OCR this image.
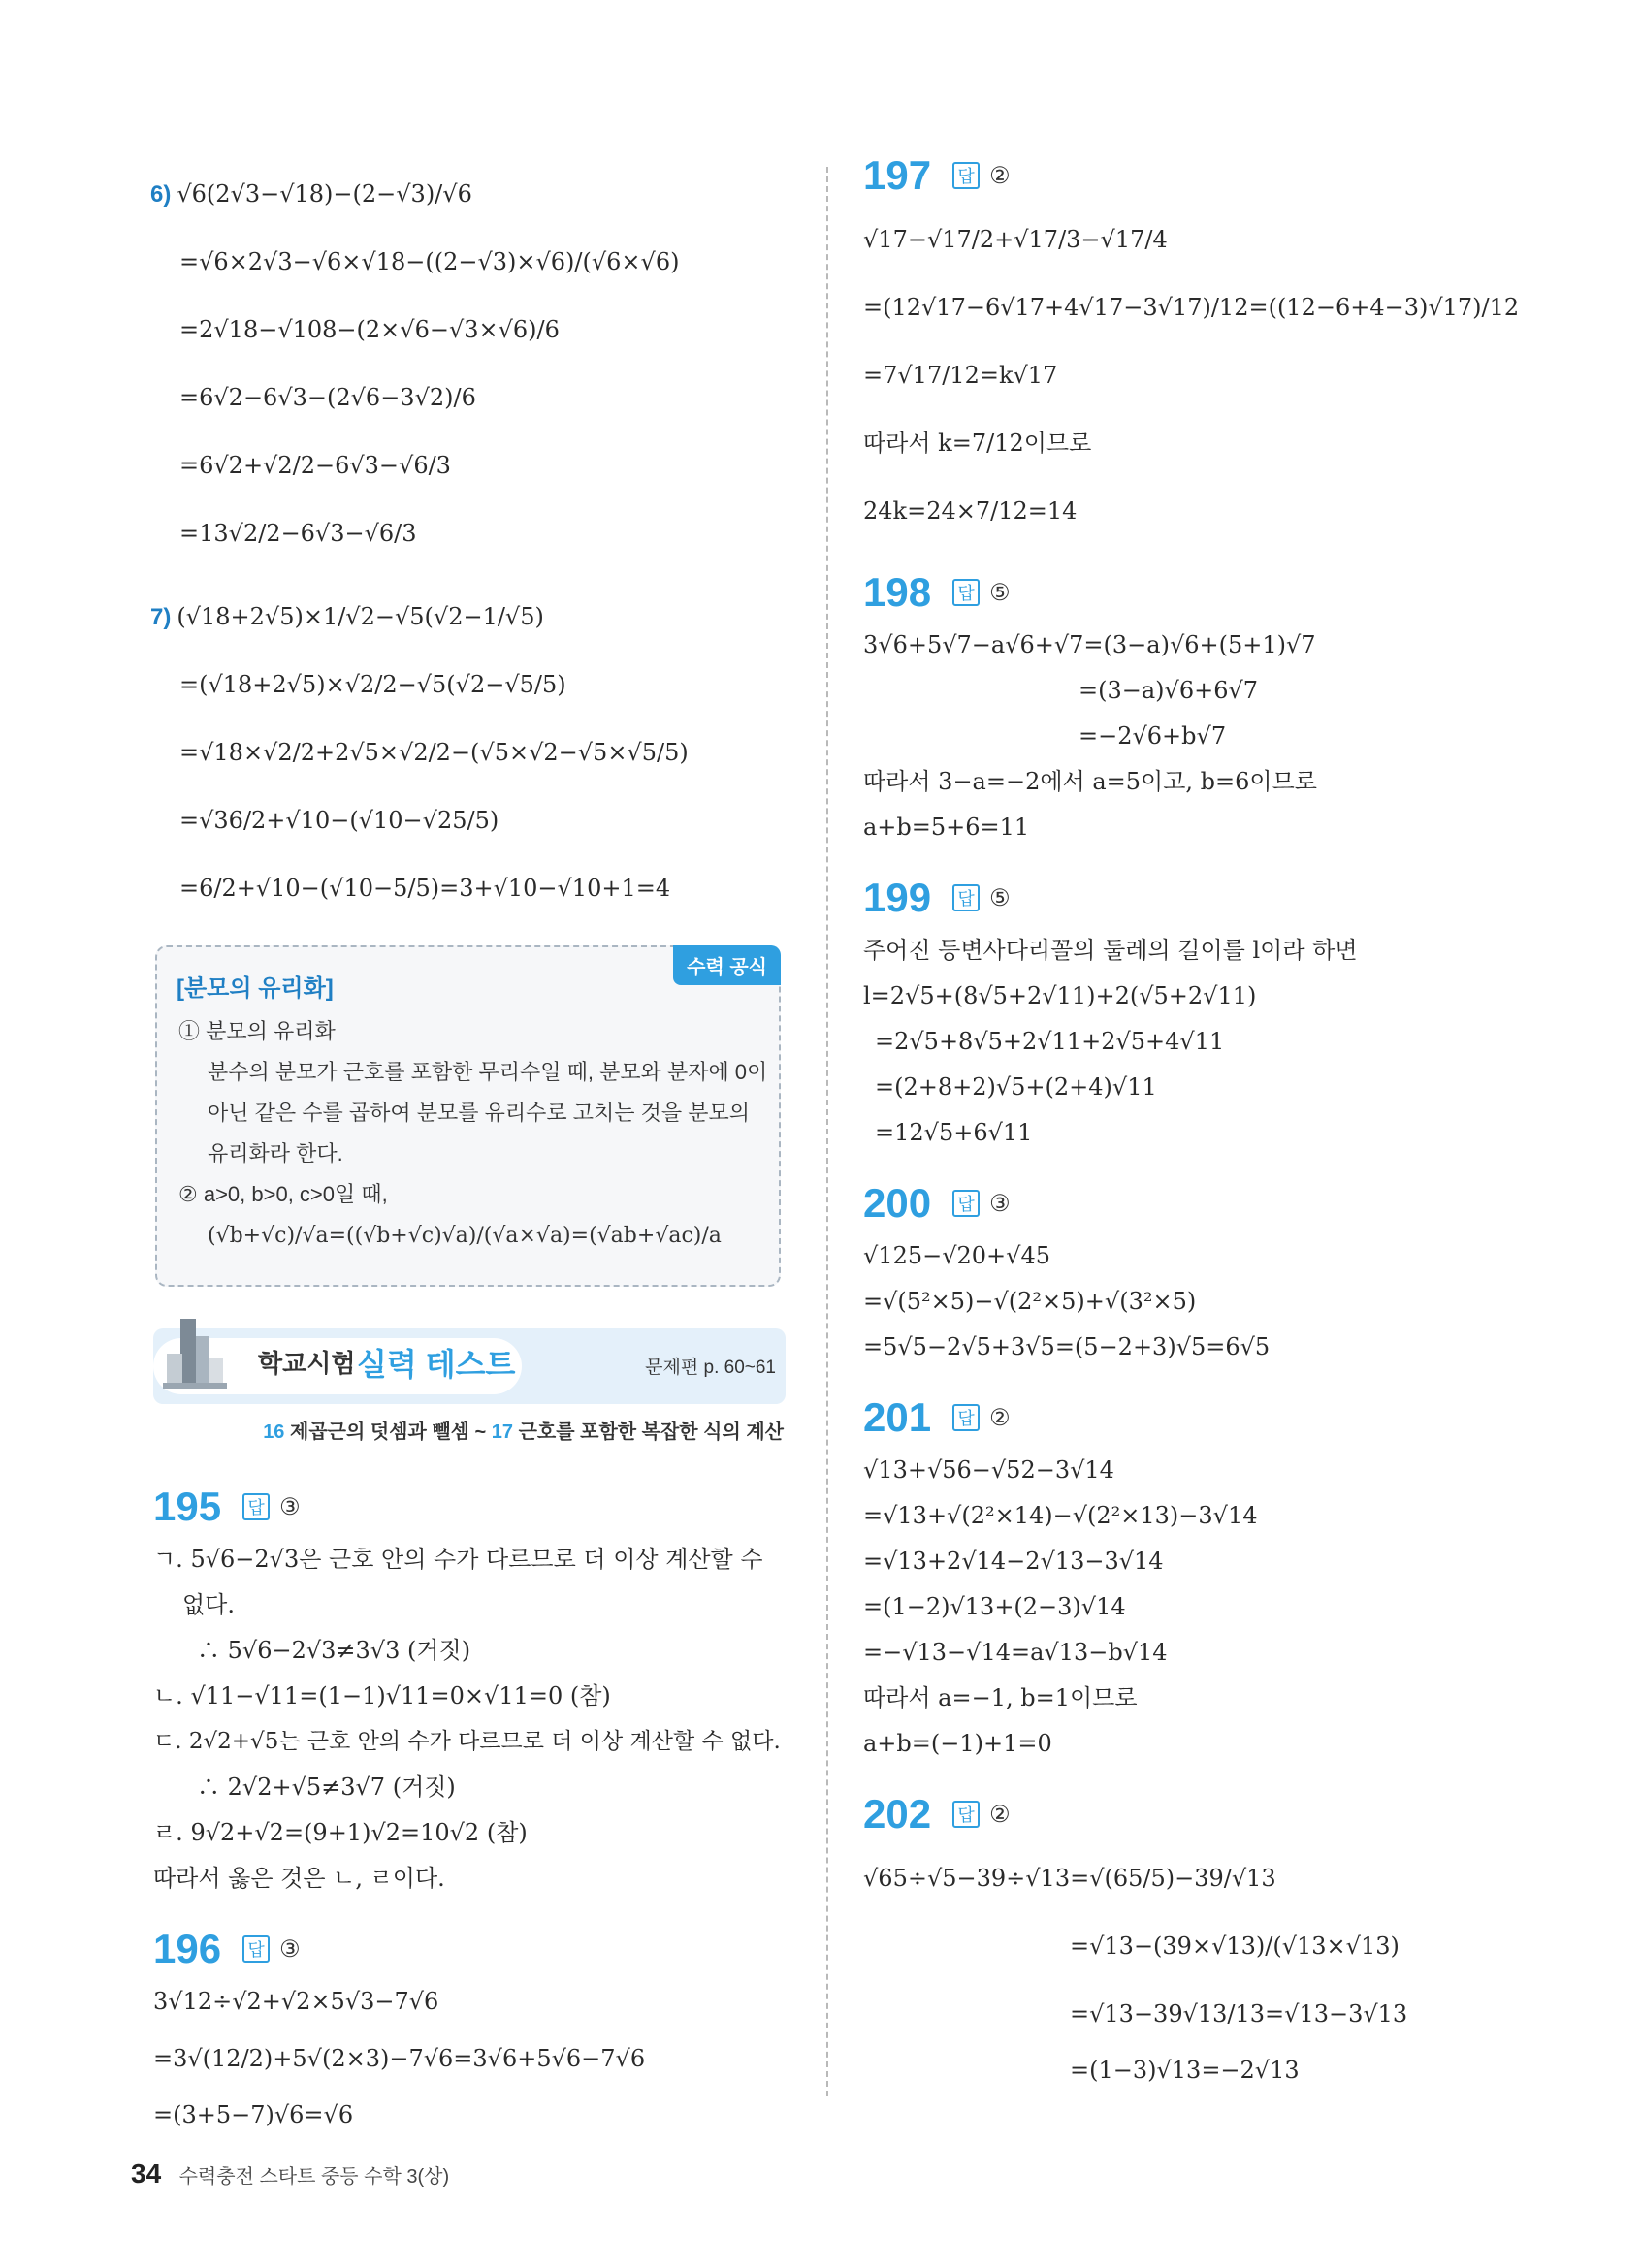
6) √6(2√3−√18)−(2−√3)/√6
=√6×2√3−√6×√18−((2−√3)×√6)/(√6×√6)
=2√18−√108−(2×√6−√3×√6)/6
=6√2−6√3−(2√6−3√2)/6
=6√2+√2/2−6√3−√6/3
=13√2/2−6√3−√6/3
7) (√18+2√5)×1/√2−√5(√2−1/√5)
=(√18+2√5)×√2/2−√5(√2−√5/5)
=√18×√2/2+2√5×√2/2−(√5×√2−√5×√5/5)
=√36/2+√10−(√10−√25/5)
=6/2+√10−(√10−5/5)=3+√10−√10+1=4
수력 공식
[분모의 유리화]
① 분모의 유리화
분수의 분모가 근호를 포함한 무리수일 때, 분모와 분자에 0이
아닌 같은 수를 곱하여 분모를 유리수로 고치는 것을 분모의
유리화라 한다.
② a>0, b>0, c>0일 때,
(√b+√c)/√a=((√b+√c)√a)/(√a×√a)=(√ab+√ac)/a
학교시험 실력 테스트	문제편 p. 60~61
16 제곱근의 덧셈과 뺄셈 ~ 17 근호를 포함한 복잡한 식의 계산
195 답 ③
ㄱ. 5√6−2√3은 근호 안의 수가 다르므로 더 이상 계산할 수
없다.
∴ 5√6−2√3≠3√3 (거짓)
ㄴ. √11−√11=(1−1)√11=0×√11=0 (참)
ㄷ. 2√2+√5는 근호 안의 수가 다르므로 더 이상 계산할 수 없다.
∴ 2√2+√5≠3√7 (거짓)
ㄹ. 9√2+√2=(9+1)√2=10√2 (참)
따라서 옳은 것은 ㄴ, ㄹ이다.
196 답 ③
3√12÷√2+√2×5√3−7√6
=3√(12/2)+5√(2×3)−7√6=3√6+5√6−7√6
=(3+5−7)√6=√6
197 답 ②
√17−√17/2+√17/3−√17/4
=(12√17−6√17+4√17−3√17)/12=((12−6+4−3)√17)/12
=7√17/12=k√17
따라서 k=7/12이므로
24k=24×7/12=14
198 답 ⑤
3√6+5√7−a√6+√7=(3−a)√6+(5+1)√7
=(3−a)√6+6√7
=−2√6+b√7
따라서 3−a=−2에서 a=5이고, b=6이므로
a+b=5+6=11
199 답 ⑤
주어진 등변사다리꼴의 둘레의 길이를 l이라 하면
l=2√5+(8√5+2√11)+2(√5+2√11)
=2√5+8√5+2√11+2√5+4√11
=(2+8+2)√5+(2+4)√11
=12√5+6√11
200 답 ③
√125−√20+√45
=√(5²×5)−√(2²×5)+√(3²×5)
=5√5−2√5+3√5=(5−2+3)√5=6√5
201 답 ②
√13+√56−√52−3√14
=√13+√(2²×14)−√(2²×13)−3√14
=√13+2√14−2√13−3√14
=(1−2)√13+(2−3)√14
=−√13−√14=a√13−b√14
따라서 a=−1, b=1이므로
a+b=(−1)+1=0
202 답 ②
√65÷√5−39÷√13=√(65/5)−39/√13
=√13−(39×√13)/(√13×√13)
=√13−39√13/13=√13−3√13
=(1−3)√13=−2√13
34 수력충전 스타트 중등 수학 3(상)
